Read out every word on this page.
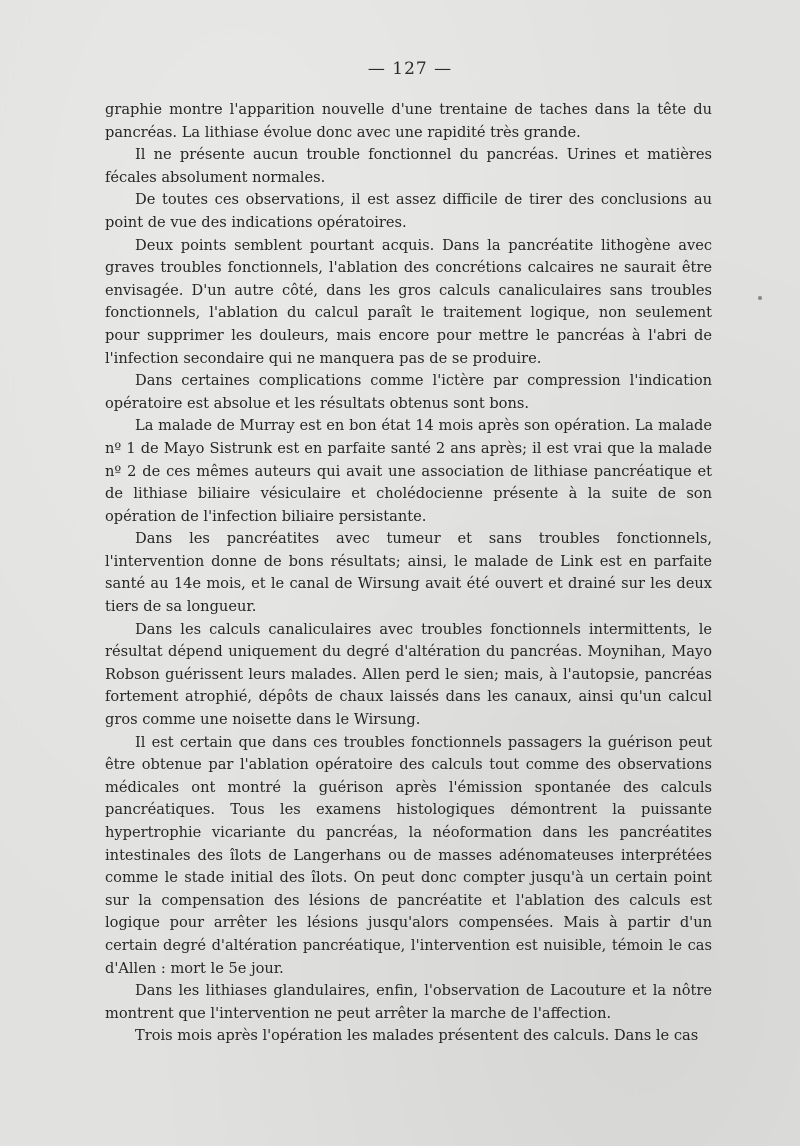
— 127 —

graphie montre l'apparition nouvelle d'une trentaine de taches dans la tête du pancréas. La lithiase évolue donc avec une rapidité très grande.

Il ne présente aucun trouble fonctionnel du pancréas. Urines et matières fécales absolument normales.

De toutes ces observations, il est assez difficile de tirer des conclusions au point de vue des indications opératoires.

Deux points semblent pourtant acquis. Dans la pancréatite lithogène avec graves troubles fonctionnels, l'ablation des concrétions calcaires ne saurait être envisagée. D'un autre côté, dans les gros calculs canaliculaires sans troubles fonctionnels, l'ablation du calcul paraît le traitement logique, non seulement pour supprimer les douleurs, mais encore pour mettre le pancréas à l'abri de l'infection secondaire qui ne manquera pas de se produire.

Dans certaines complications comme l'ictère par compression l'indication opératoire est absolue et les résultats obtenus sont bons.

La malade de Murray est en bon état 14 mois après son opération. La malade nº 1 de Mayo Sistrunk est en parfaite santé 2 ans après; il est vrai que la malade nº 2 de ces mêmes auteurs qui avait une association de lithiase pancréatique et de lithiase biliaire vésiculaire et cholédocienne présente à la suite de son opération de l'infection biliaire persistante.

Dans les pancréatites avec tumeur et sans troubles fonctionnels, l'intervention donne de bons résultats; ainsi, le malade de Link est en parfaite santé au 14e mois, et le canal de Wirsung avait été ouvert et drainé sur les deux tiers de sa longueur.

Dans les calculs canaliculaires avec troubles fonctionnels intermittents, le résultat dépend uniquement du degré d'altération du pancréas. Moynihan, Mayo Robson guérissent leurs malades. Allen perd le sien; mais, à l'autopsie, pancréas fortement atrophié, dépôts de chaux laissés dans les canaux, ainsi qu'un calcul gros comme une noisette dans le Wirsung.

Il est certain que dans ces troubles fonctionnels passagers la guérison peut être obtenue par l'ablation opératoire des calculs tout comme des observations médicales ont montré la guérison après l'émission spontanée des calculs pancréatiques. Tous les examens histologiques démontrent la puissante hypertrophie vicariante du pancréas, la néoformation dans les pancréatites intestinales des îlots de Langerhans ou de masses adénomateuses interprétées comme le stade initial des îlots. On peut donc compter jusqu'à un certain point sur la compensation des lésions de pancréatite et l'ablation des calculs est logique pour arrêter les lésions jusqu'alors compensées. Mais à partir d'un certain degré d'altération pancréatique, l'intervention est nuisible, témoin le cas d'Allen : mort le 5e jour.

Dans les lithiases glandulaires, enfin, l'observation de Lacouture et la nôtre montrent que l'intervention ne peut arrêter la marche de l'affection.

Trois mois après l'opération les malades présentent des calculs. Dans le cas
